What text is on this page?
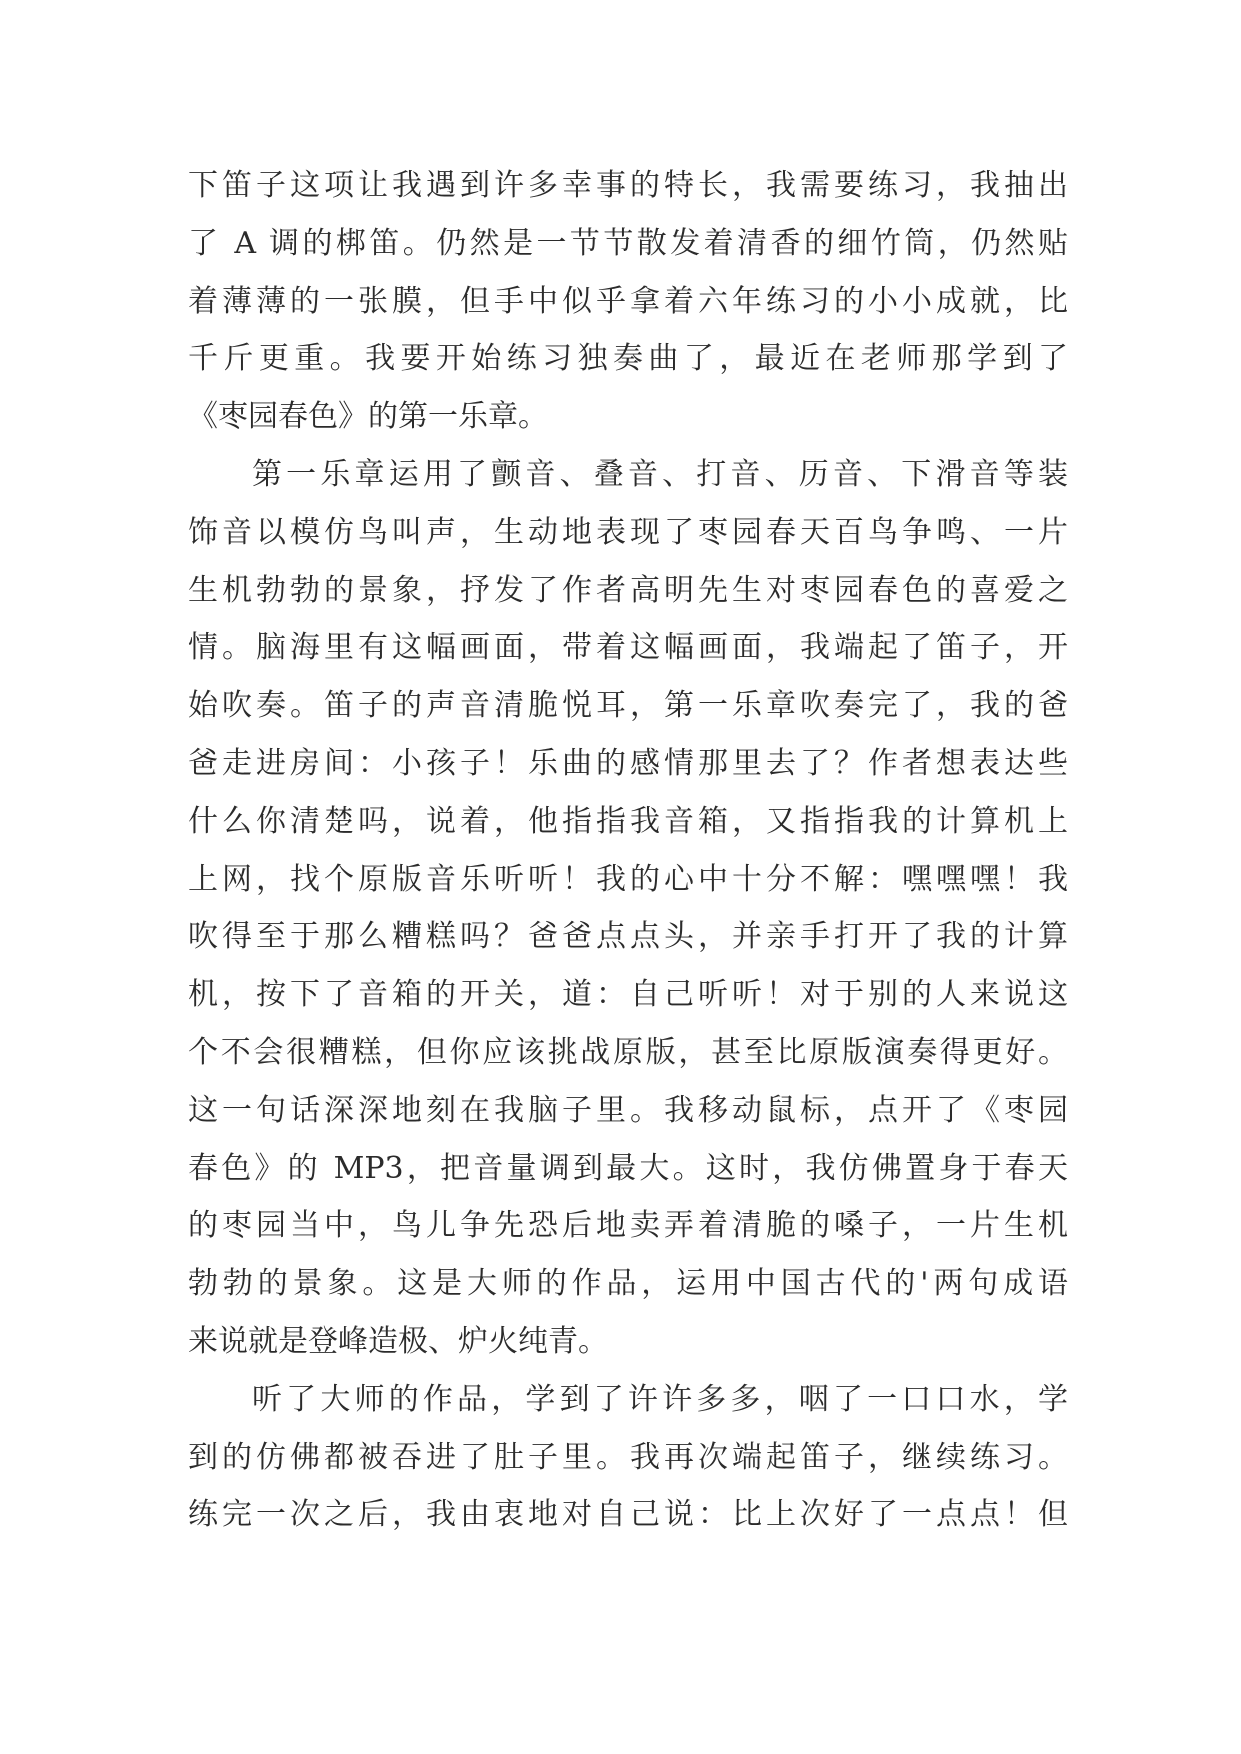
下笛子这项让我遇到许多幸事的特长，我需要练习，我抽出
了 A 调的梆笛。仍然是一节节散发着清香的细竹筒，仍然贴
着薄薄的一张膜，但手中似乎拿着六年练习的小小成就，比
千斤更重。我要开始练习独奏曲了，最近在老师那学到了
《枣园春色》的第一乐章。
第一乐章运用了颤音、叠音、打音、历音、下滑音等装
饰音以模仿鸟叫声，生动地表现了枣园春天百鸟争鸣、一片
生机勃勃的景象，抒发了作者高明先生对枣园春色的喜爱之
情。脑海里有这幅画面，带着这幅画面，我端起了笛子，开
始吹奏。笛子的声音清脆悦耳，第一乐章吹奏完了，我的爸
爸走进房间：小孩子！乐曲的感情那里去了？作者想表达些
什么你清楚吗，说着，他指指我音箱，又指指我的计算机上
上网，找个原版音乐听听！我的心中十分不解：嘿嘿嘿！我
吹得至于那么糟糕吗？爸爸点点头，并亲手打开了我的计算
机，按下了音箱的开关，道：自己听听！对于别的人来说这
个不会很糟糕，但你应该挑战原版，甚至比原版演奏得更好。
这一句话深深地刻在我脑子里。我移动鼠标，点开了《枣园
春色》的 MP3，把音量调到最大。这时，我仿佛置身于春天
的枣园当中，鸟儿争先恐后地卖弄着清脆的嗓子，一片生机
勃勃的景象。这是大师的作品，运用中国古代的'两句成语
来说就是登峰造极、炉火纯青。
听了大师的作品，学到了许许多多，咽了一口口水，学
到的仿佛都被吞进了肚子里。我再次端起笛子，继续练习。
练完一次之后，我由衷地对自己说：比上次好了一点点！但
